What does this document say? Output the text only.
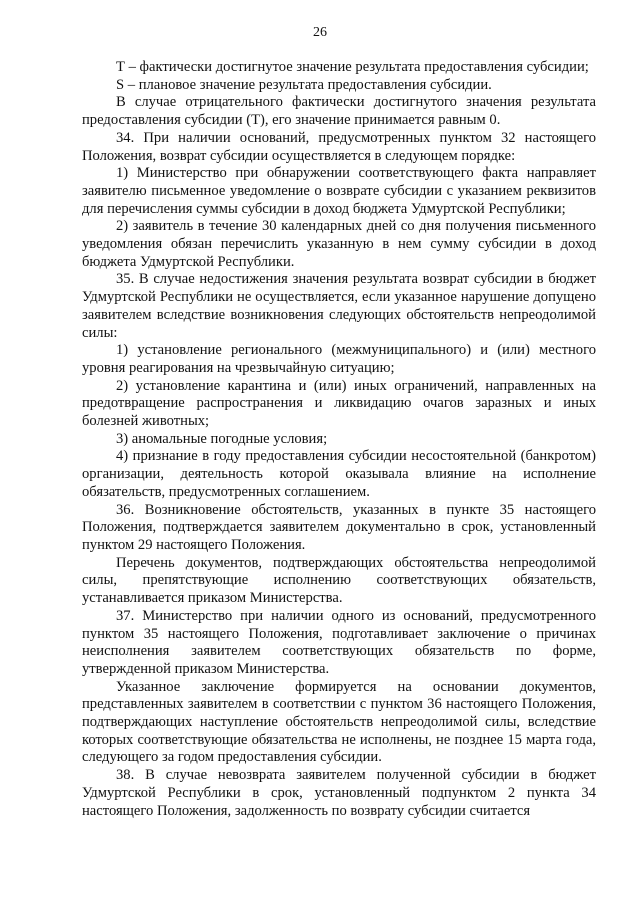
26

Т – фактически достигнутое значение результата предоставления субсидии;

S – плановое значение результата предоставления субсидии.

В случае отрицательного фактически достигнутого значения результата предоставления субсидии (Т), его значение принимается равным 0.

34. При наличии оснований, предусмотренных пунктом 32 настоящего Положения, возврат субсидии осуществляется в следующем порядке:

1) Министерство при обнаружении соответствующего факта направляет заявителю письменное уведомление о возврате субсидии с указанием реквизитов для перечисления суммы субсидии в доход бюджета Удмуртской Республики;

2) заявитель в течение 30 календарных дней со дня получения письменного уведомления обязан перечислить указанную в нем сумму субсидии в доход бюджета Удмуртской Республики.

35. В случае недостижения значения результата возврат субсидии в бюджет Удмуртской Республики не осуществляется, если указанное нарушение допущено заявителем вследствие возникновения следующих обстоятельств непреодолимой силы:

1) установление регионального (межмуниципального) и (или) местного уровня реагирования на чрезвычайную ситуацию;

2) установление карантина и (или) иных ограничений, направленных на предотвращение распространения и ликвидацию очагов заразных и иных болезней животных;

3) аномальные погодные условия;

4) признание в году предоставления субсидии несостоятельной (банкротом) организации, деятельность которой оказывала влияние на исполнение обязательств, предусмотренных соглашением.

36. Возникновение обстоятельств, указанных в пункте 35 настоящего Положения, подтверждается заявителем документально в срок, установленный пунктом 29 настоящего Положения.

Перечень документов, подтверждающих обстоятельства непреодолимой силы, препятствующие исполнению соответствующих обязательств, устанавливается приказом Министерства.

37. Министерство при наличии одного из оснований, предусмотренного пунктом 35 настоящего Положения, подготавливает заключение о причинах неисполнения заявителем соответствующих обязательств по форме, утвержденной приказом Министерства.

Указанное заключение формируется на основании документов, представленных заявителем в соответствии с пунктом 36 настоящего Положения, подтверждающих наступление обстоятельств непреодолимой силы, вследствие которых соответствующие обязательства не исполнены, не позднее 15 марта года, следующего за годом предоставления субсидии.

38. В случае невозврата заявителем полученной субсидии в бюджет Удмуртской Республики в срок, установленный подпунктом 2 пункта 34 настоящего Положения, задолженность по возврату субсидии считается
